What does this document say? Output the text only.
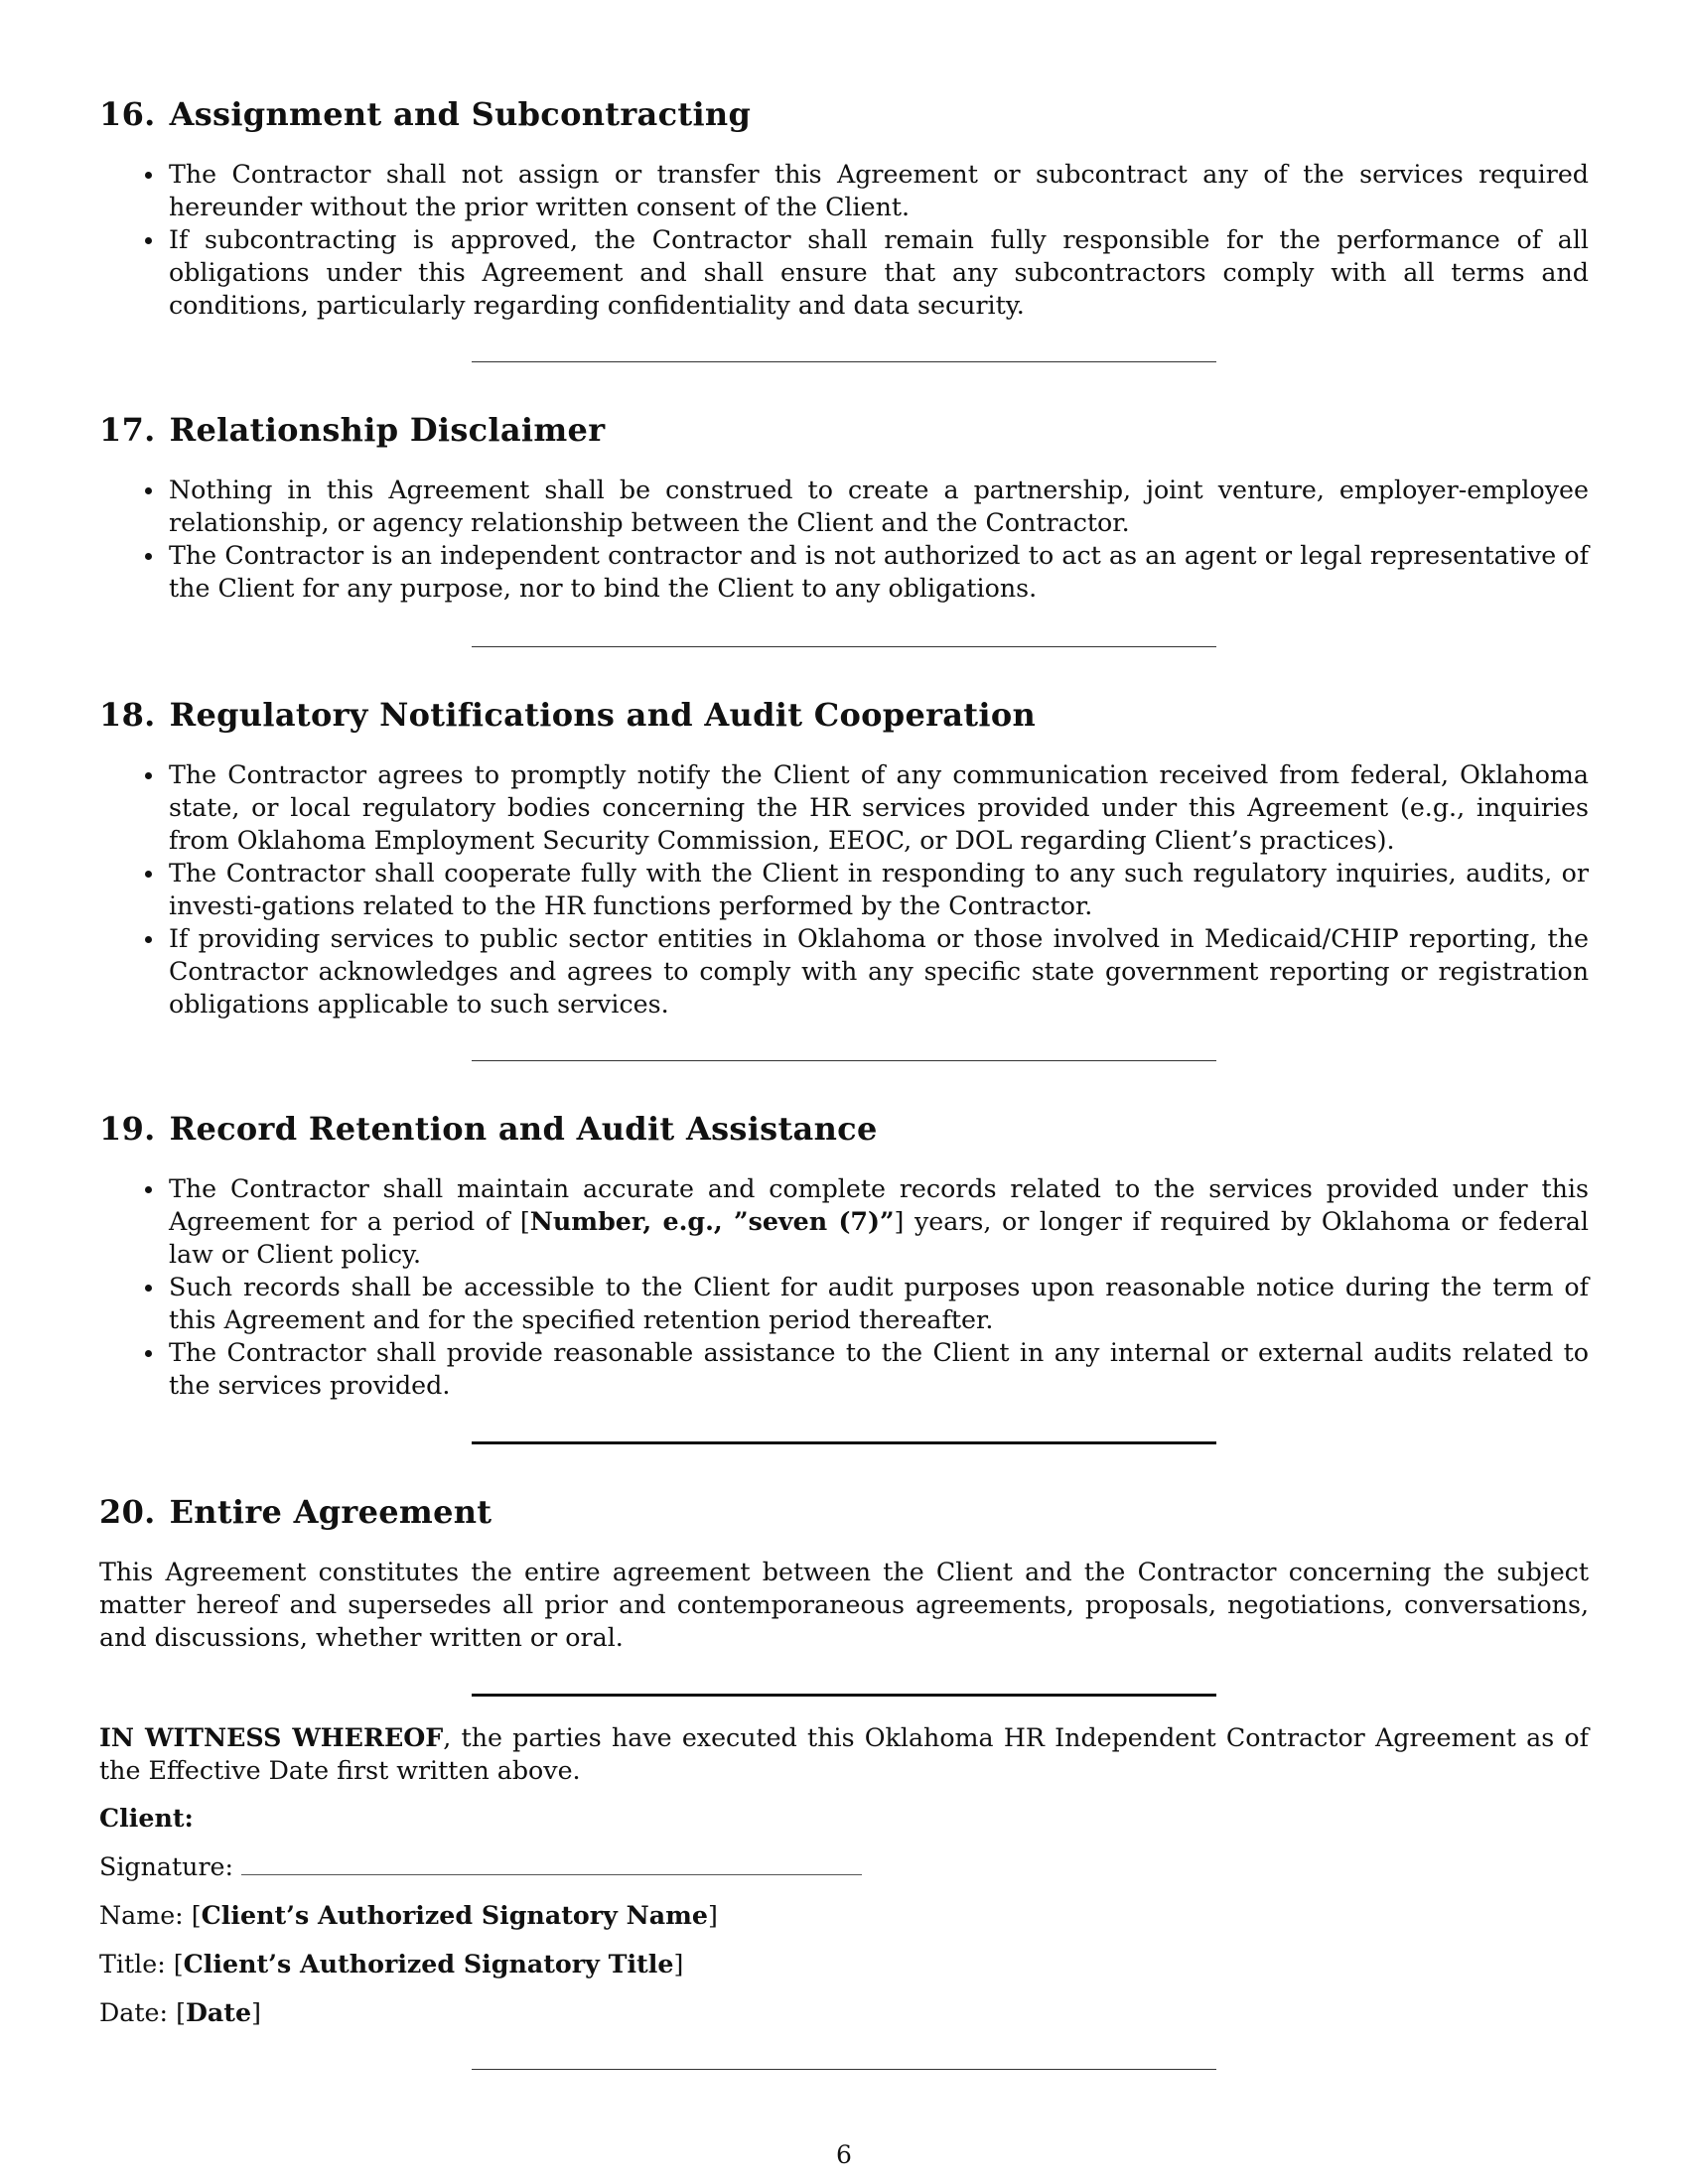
16. Assignment and Subcontracting
The Contractor shall not assign or transfer this Agreement or subcontract any of the services required hereunder without the prior written consent of the Client.
If subcontracting is approved, the Contractor shall remain fully responsible for the performance of all obligations under this Agreement and shall ensure that any subcontractors comply with all terms and conditions, particularly regarding confidentiality and data security.
17. Relationship Disclaimer
Nothing in this Agreement shall be construed to create a partnership, joint venture, employer-employee relationship, or agency relationship between the Client and the Contractor.
The Contractor is an independent contractor and is not authorized to act as an agent or legal representative of the Client for any purpose, nor to bind the Client to any obligations.
18. Regulatory Notifications and Audit Cooperation
The Contractor agrees to promptly notify the Client of any communication received from federal, Oklahoma state, or local regulatory bodies concerning the HR services provided under this Agreement (e.g., inquiries from Oklahoma Employment Security Commission, EEOC, or DOL regarding Client’s practices).
The Contractor shall cooperate fully with the Client in responding to any such regulatory inquiries, audits, or investi-gations related to the HR functions performed by the Contractor.
If providing services to public sector entities in Oklahoma or those involved in Medicaid/CHIP reporting, the Contractor acknowledges and agrees to comply with any specific state government reporting or registration obligations applicable to such services.
19. Record Retention and Audit Assistance
The Contractor shall maintain accurate and complete records related to the services provided under this Agreement for a period of [Number, e.g., ”seven (7)”] years, or longer if required by Oklahoma or federal law or Client policy.
Such records shall be accessible to the Client for audit purposes upon reasonable notice during the term of this Agreement and for the specified retention period thereafter.
The Contractor shall provide reasonable assistance to the Client in any internal or external audits related to the services provided.
20. Entire Agreement

This Agreement constitutes the entire agreement between the Client and the Contractor concerning the subject matter hereof and supersedes all prior and contemporaneous agreements, proposals, negotiations, conversations, and discussions, whether written or oral.

IN WITNESS WHEREOF, the parties have executed this Oklahoma HR Independent Contractor Agreement as of the Effective Date first written above.

Client:

Signature:

Name: [Client’s Authorized Signatory Name]

Title: [Client’s Authorized Signatory Title]

Date: [Date]

6
